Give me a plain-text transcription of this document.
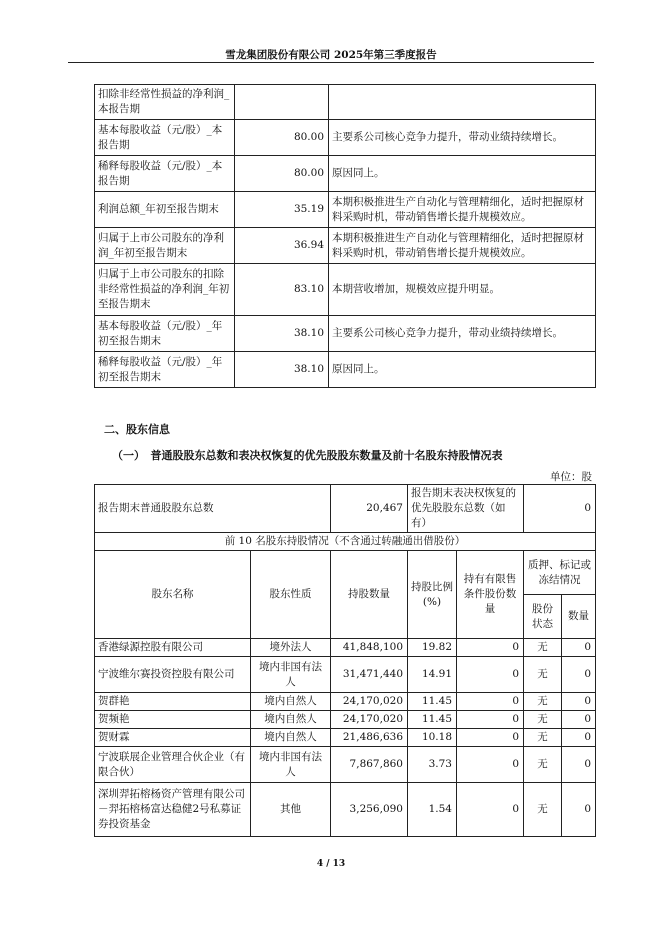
雪龙集团股份有限公司 2025年第三季度报告
扣除非经常性损益的净利润_本报告期		
基本每股收益（元/股）_本报告期	80.00	主要系公司核心竞争力提升，带动业绩持续增长。
稀释每股收益（元/股）_本报告期	80.00	原因同上。
利润总额_年初至报告期末	35.19	本期积极推进生产自动化与管理精细化，适时把握原材料采购时机，带动销售增长提升规模效应。
归属于上市公司股东的净利润_年初至报告期末	36.94	本期积极推进生产自动化与管理精细化，适时把握原材料采购时机，带动销售增长提升规模效应。
归属于上市公司股东的扣除非经常性损益的净利润_年初至报告期末	83.10	本期营收增加，规模效应提升明显。
基本每股收益（元/股）_年初至报告期末	38.10	主要系公司核心竞争力提升，带动业绩持续增长。
稀释每股收益（元/股）_年初至报告期末	38.10	原因同上。
二、股东信息
（一）　普通股股东总数和表决权恢复的优先股股东数量及前十名股东持股情况表
单位：股
报告期末普通股股东总数		20,467	报告期末表决权恢复的优先股股东总数（如有）		0	
前 10 名股东持股情况（不含通过转融通出借股份）						
股东名称	股东性质	持股数量	持股比例(%)	持有有限售条件股份数量	质押、标记或冻结情况	
					股份状态	数量
香港绿源控股有限公司	境外法人	41,848,100	19.82	0	无	0
宁波维尔赛投资控股有限公司	境内非国有法人	31,471,440	14.91	0	无	0
贺群艳	境内自然人	24,170,020	11.45	0	无	0
贺频艳	境内自然人	24,170,020	11.45	0	无	0
贺财霖	境内自然人	21,486,636	10.18	0	无	0
宁波联展企业管理合伙企业（有限合伙）	境内非国有法人	7,867,860	3.73	0	无	0
深圳羿拓榕杨资产管理有限公司－羿拓榕杨富达稳健2号私募证券投资基金	其他	3,256,090	1.54	0	无	0
4 / 13
